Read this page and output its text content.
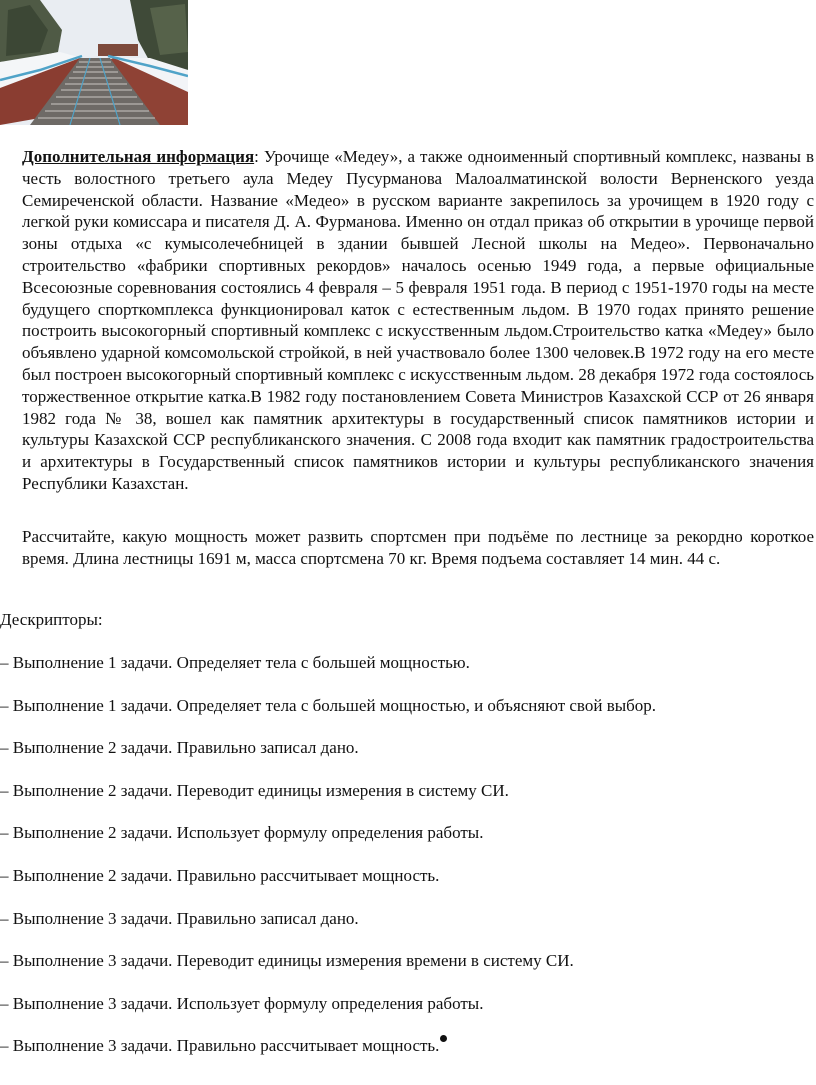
Дополнительная информация: Урочище «Медеу», а также одноименный спортивный комплекс, названы в честь волостного третьего аула Медеу Пусурманова Малоалматинской волости Верненского уезда Семиреченской области. Название «Медео» в русском варианте закрепилось за урочищем в 1920 году с легкой руки комиссара и писателя Д. А. Фурманова. Именно он отдал приказ об открытии в урочище первой зоны отдыха «с кумысолечебницей в здании бывшей Лесной школы на Медео». Первоначально строительство «фабрики спортивных рекордов» началось осенью 1949 года, а первые официальные Всесоюзные соревнования состоялись 4 февраля – 5 февраля 1951 года. В период с 1951-1970 годы на месте будущего спорткомплекса функционировал каток с естественным льдом. В 1970 годах принято решение построить высокогорный спортивный комплекс с искусственным льдом.Строительство катка «Медеу» было объявлено ударной комсомольской стройкой, в ней участвовало более 1300 человек.В 1972 году на его месте был построен высокогорный спортивный комплекс с искусственным льдом. 28 декабря 1972 года состоялось торжественное открытие катка.В 1982 году постановлением Совета Министров Казахской ССР от 26 января 1982 года № 38, вошел как памятник архитектуры в государственный список памятников истории и культуры Казахской ССР республиканского значения. С 2008 года входит как памятник градостроительства и архитектуры в Государственный список памятников истории и культуры республиканского значения Республики Казахстан.

Рассчитайте, какую мощность может развить спортсмен при подъёме по лестнице за рекордно короткое время. Длина лестницы 1691 м, масса спортсмена 70 кг. Время подъема составляет 14 мин. 44 с.

Дескрипторы:

– Выполнение 1 задачи. Определяет тела с большей мощностью.

– Выполнение 1 задачи. Определяет тела с большей мощностью, и объясняют свой выбор.

– Выполнение 2 задачи. Правильно записал дано.

– Выполнение 2 задачи. Переводит единицы измерения в систему СИ.

– Выполнение 2 задачи. Использует формулу определения работы.

– Выполнение 2 задачи. Правильно рассчитывает мощность.

– Выполнение 3 задачи. Правильно записал дано.

– Выполнение 3 задачи. Переводит единицы измерения времени в систему СИ.

– Выполнение 3 задачи. Использует формулу определения работы.

– Выполнение 3 задачи. Правильно рассчитывает мощность.
